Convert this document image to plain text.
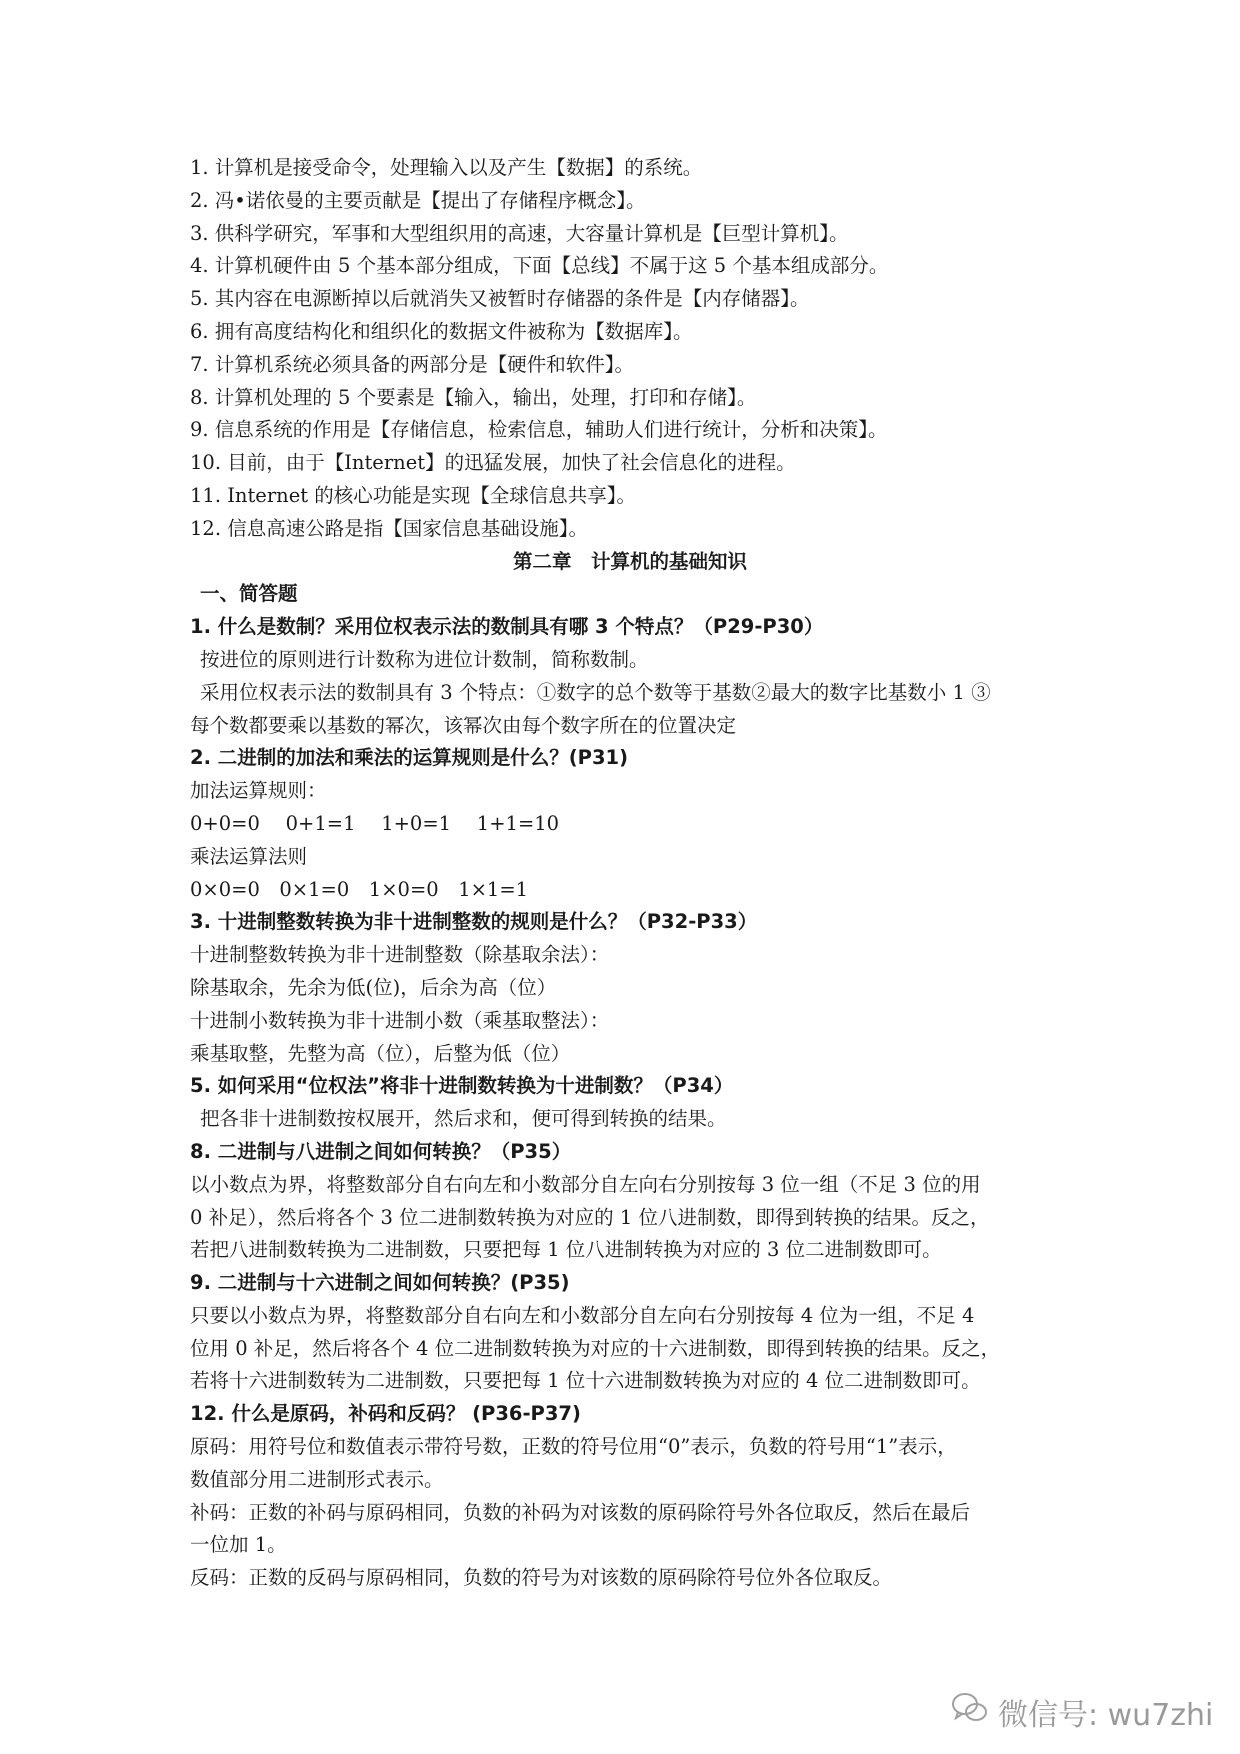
1. 计算机是接受命令，处理输入以及产生【数据】的系统。
2. 冯•诺依曼的主要贡献是【提出了存储程序概念】。
3. 供科学研究，军事和大型组织用的高速，大容量计算机是【巨型计算机】。
4. 计算机硬件由 5 个基本部分组成，下面【总线】不属于这 5 个基本组成部分。
5. 其内容在电源断掉以后就消失又被暂时存储器的条件是【内存储器】。
6. 拥有高度结构化和组织化的数据文件被称为【数据库】。
7. 计算机系统必须具备的两部分是【硬件和软件】。
8. 计算机处理的 5 个要素是【输入，输出，处理，打印和存储】。
9. 信息系统的作用是【存储信息，检索信息，辅助人们进行统计，分析和决策】。
10. 目前，由于【Internet】的迅猛发展，加快了社会信息化的进程。
11. Internet 的核心功能是实现【全球信息共享】。
12. 信息高速公路是指【国家信息基础设施】。
第二章　计算机的基础知识
一、简答题
1. 什么是数制？采用位权表示法的数制具有哪 3 个特点？（P29-P30）
按进位的原则进行计数称为进位计数制，简称数制。
采用位权表示法的数制具有 3 个特点：①数字的总个数等于基数②最大的数字比基数小 1 ③
每个数都要乘以基数的幂次，该幂次由每个数字所在的位置决定
2. 二进制的加法和乘法的运算规则是什么？(P31)
加法运算规则：
0+0=0　 0+1=1　 1+0=1　 1+1=10
乘法运算法则
0×0=0　0×1=0　1×0=0　1×1=1
3. 十进制整数转换为非十进制整数的规则是什么？（P32-P33）
十进制整数转换为非十进制整数（除基取余法）：
除基取余，先余为低(位)，后余为高（位）
十进制小数转换为非十进制小数（乘基取整法）：
乘基取整，先整为高（位），后整为低（位）
5. 如何采用“位权法”将非十进制数转换为十进制数？（P34）
把各非十进制数按权展开，然后求和，便可得到转换的结果。
8. 二进制与八进制之间如何转换？（P35）
以小数点为界，将整数部分自右向左和小数部分自左向右分别按每 3 位一组（不足 3 位的用
0 补足），然后将各个 3 位二进制数转换为对应的 1 位八进制数，即得到转换的结果。反之，
若把八进制数转换为二进制数，只要把每 1 位八进制转换为对应的 3 位二进制数即可。
9. 二进制与十六进制之间如何转换？(P35)
只要以小数点为界，将整数部分自右向左和小数部分自左向右分别按每 4 位为一组，不足 4
位用 0 补足，然后将各个 4 位二进制数转换为对应的十六进制数，即得到转换的结果。反之，
若将十六进制数转为二进制数，只要把每 1 位十六进制数转换为对应的 4 位二进制数即可。
12. 什么是原码，补码和反码？ (P36-P37)
原码：用符号位和数值表示带符号数，正数的符号位用“0”表示，负数的符号用“1”表示，
数值部分用二进制形式表示。
补码：正数的补码与原码相同，负数的补码为对该数的原码除符号外各位取反，然后在最后
一位加 1。
反码：正数的反码与原码相同，负数的符号为对该数的原码除符号位外各位取反。
微信号: wu7zhi
